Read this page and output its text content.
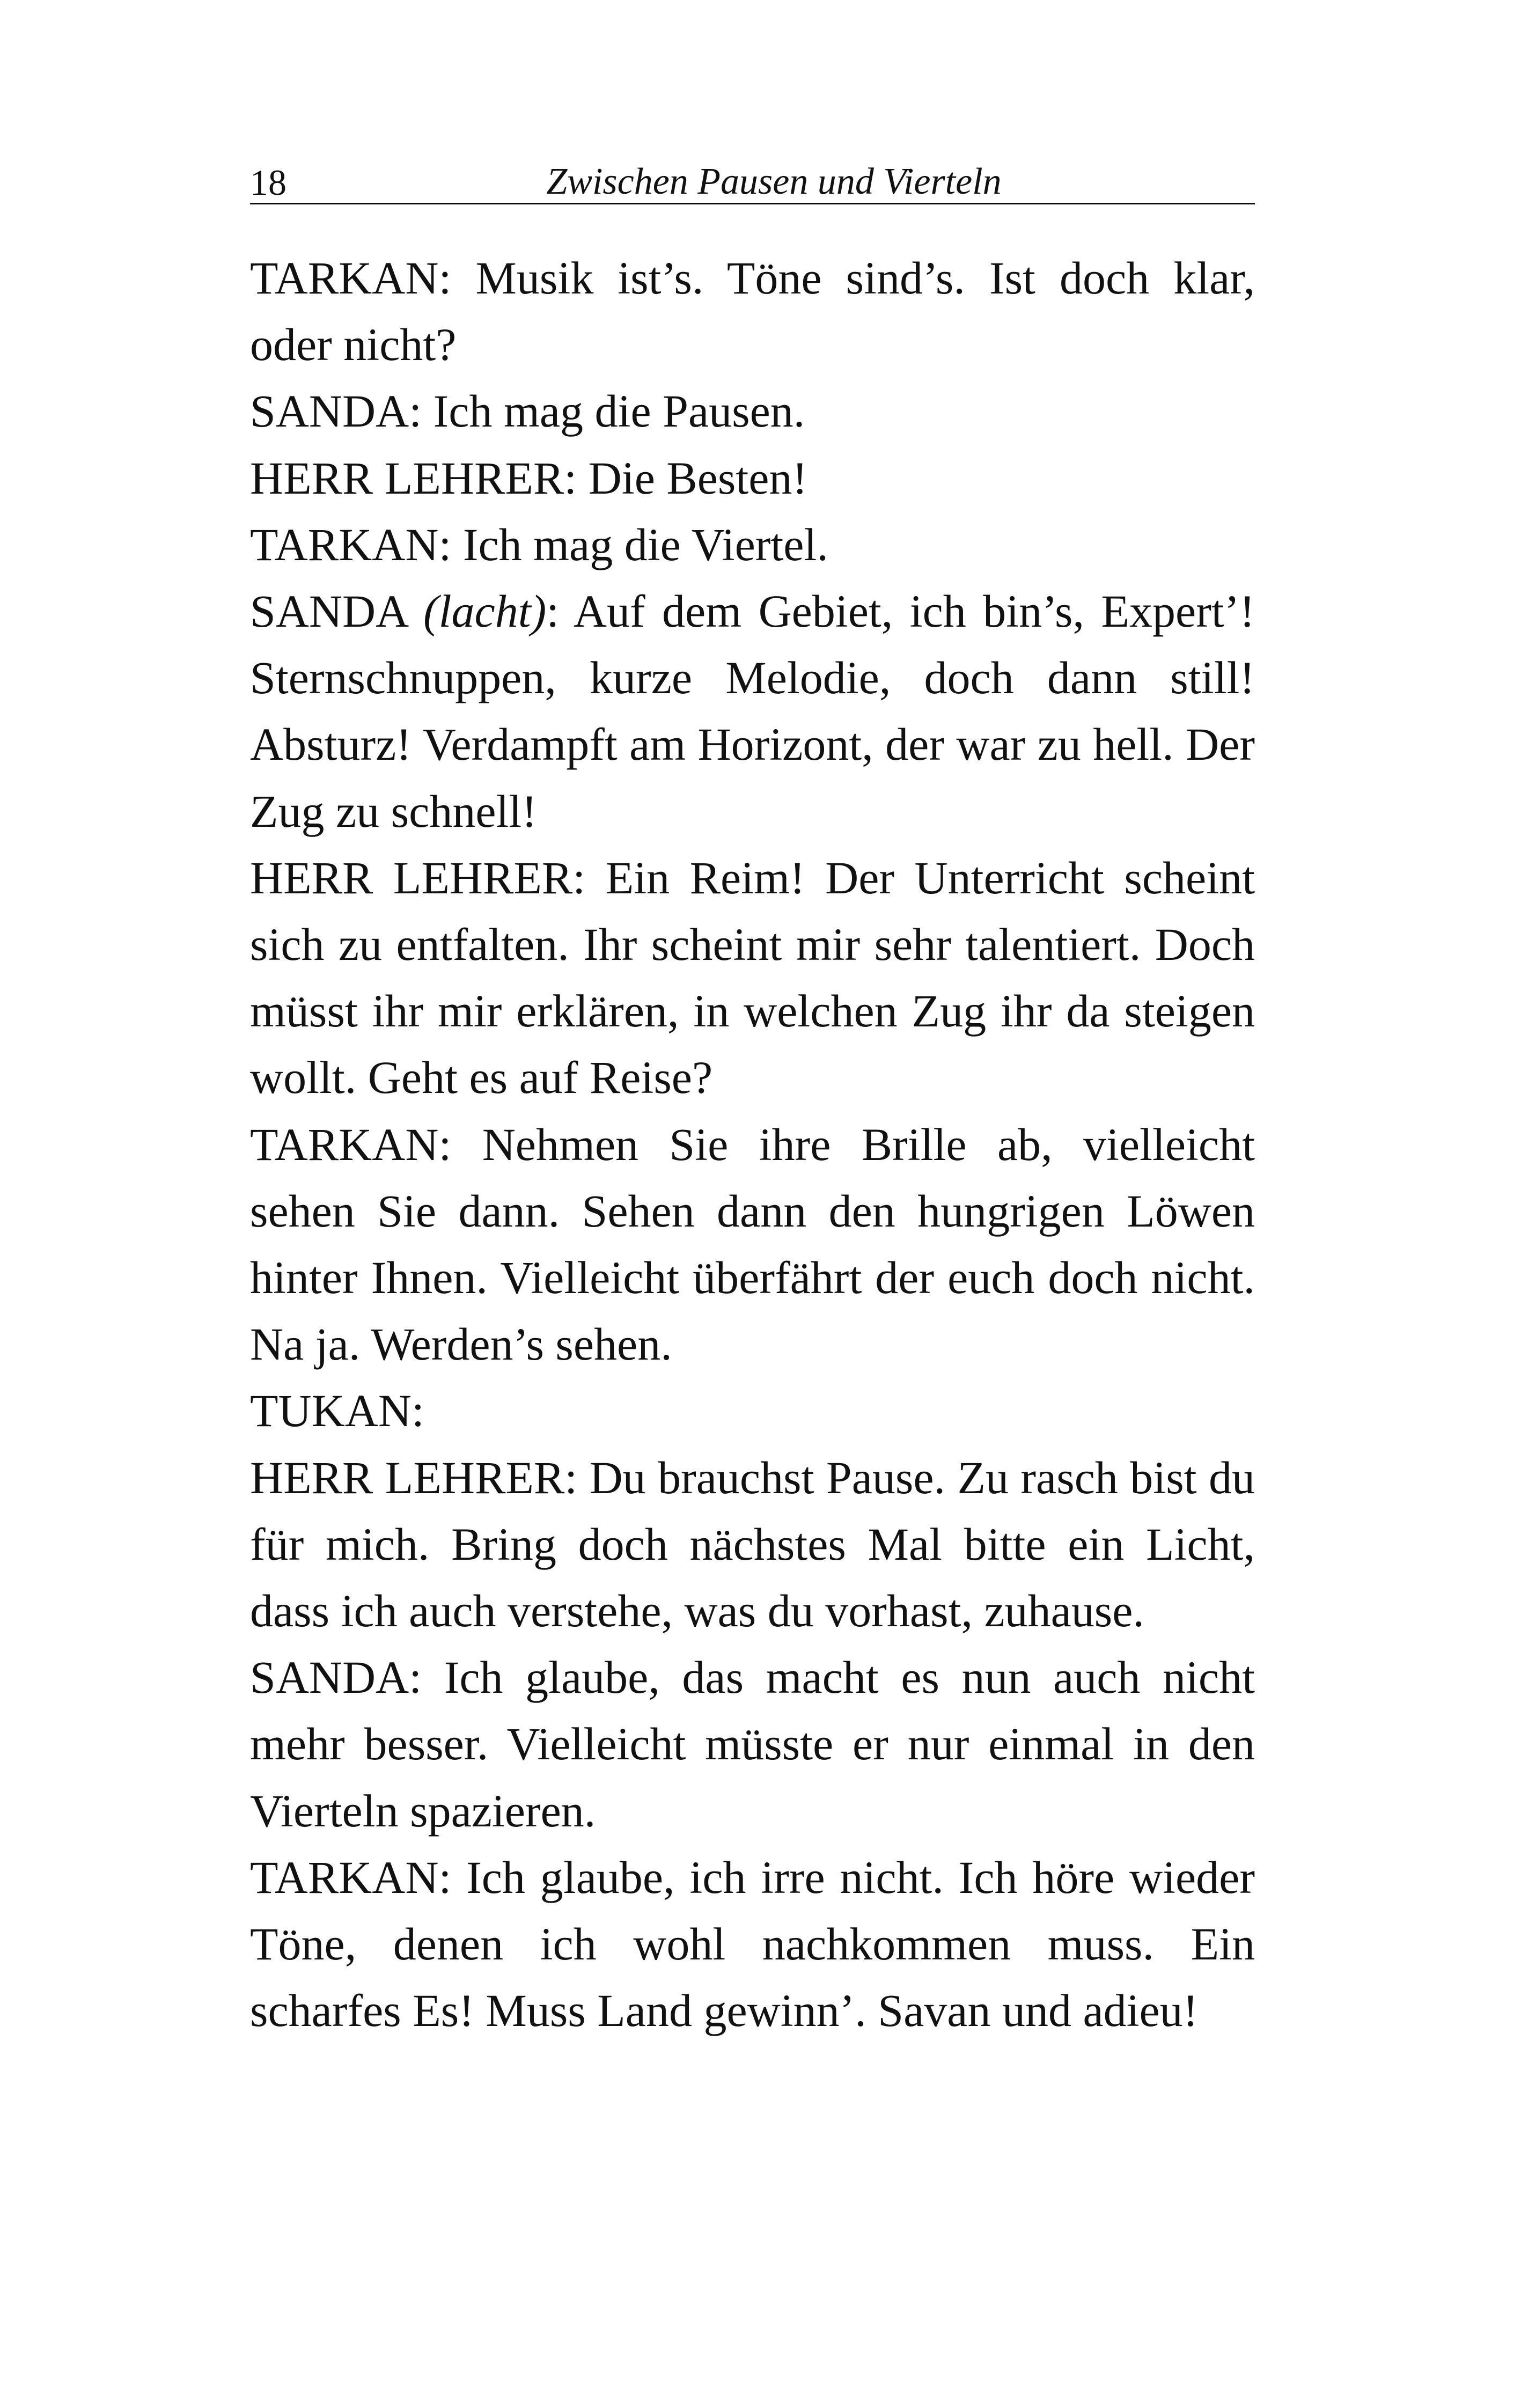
18	Zwischen Pausen und Vierteln

TARKAN: Musik ist’s. Töne sind’s. Ist doch klar, oder nicht?

SANDA: Ich mag die Pausen.

HERR LEHRER: Die Besten!

TARKAN: Ich mag die Viertel.

SANDA (lacht): Auf dem Gebiet, ich bin’s, Expert’! Sternschnuppen, kurze Melodie, doch dann still! Absturz! Verdampft am Horizont, der war zu hell. Der Zug zu schnell!

HERR LEHRER: Ein Reim! Der Unterricht scheint sich zu entfalten. Ihr scheint mir sehr talentiert. Doch müsst ihr mir erklären, in welchen Zug ihr da steigen wollt. Geht es auf Reise?

TARKAN: Nehmen Sie ihre Brille ab, vielleicht sehen Sie dann. Sehen dann den hungrigen Löwen hinter Ihnen. Vielleicht überfährt der euch doch nicht. Na ja. Werden’s sehen.

TUKAN:

HERR LEHRER: Du brauchst Pause. Zu rasch bist du für mich. Bring doch nächstes Mal bitte ein Licht, dass ich auch verstehe, was du vorhast, zuhause.

SANDA: Ich glaube, das macht es nun auch nicht mehr besser. Vielleicht müsste er nur einmal in den Vierteln spazieren.

TARKAN: Ich glaube, ich irre nicht. Ich höre wieder Töne, denen ich wohl nachkommen muss. Ein scharfes Es! Muss Land gewinn’. Savan und adieu!
